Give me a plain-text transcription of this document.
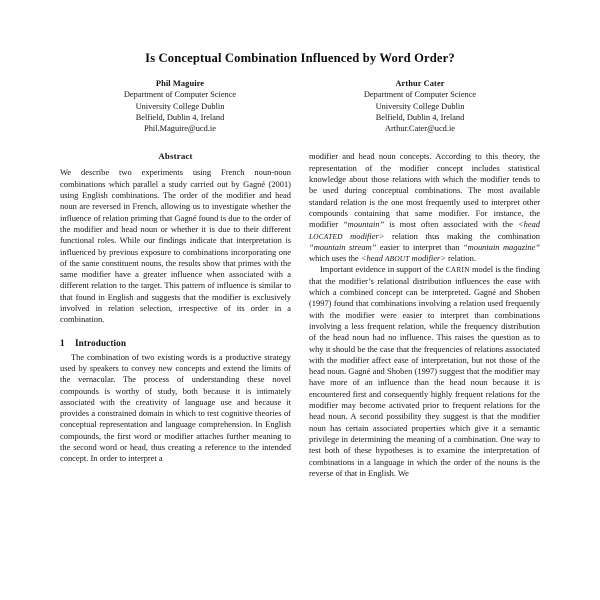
Is Conceptual Combination Influenced by Word Order?
Phil Maguire
Department of Computer Science
University College Dublin
Belfield, Dublin 4, Ireland
Phil.Maguire@ucd.ie
Arthur Cater
Department of Computer Science
University College Dublin
Belfield, Dublin 4, Ireland
Arthur.Cater@ucd.ie
Abstract

We describe two experiments using French noun-noun combinations which parallel a study carried out by Gagné (2001) using English combinations. The order of the modifier and head noun are reversed in French, allowing us to investigate whether the influence of relation priming that Gagné found is due to the order of the modifier and head noun or whether it is due to their different functional roles. While our findings indicate that interpretation is influenced by previous exposure to combinations incorporating one of the same constituent nouns, the results show that primes with the same modifier have a greater influence when associated with a different relation to the target. This pattern of influence is similar to that found in English and suggests that the modifier is exclusively involved in relation selection, irrespective of its order in a combination.

1 Introduction

The combination of two existing words is a productive strategy used by speakers to convey new concepts and extend the limits of the vernacular. The process of understanding these novel compounds is worthy of study, both because it is intimately associated with the creativity of language use and because it provides a constrained domain in which to test cognitive theories of conceptual representation and language comprehension. In English compounds, the first word or modifier attaches further meaning to the second word or head, thus creating a reference to the intended concept. In order to interpret a

modifier and head noun concepts. According to this theory, the representation of the modifier concept includes statistical knowledge about those relations with which the modifier tends to be used during conceptual combinations. The most available standard relation is the one most frequently used to interpret other compounds containing that same modifier. For instance, the modifier “mountain” is most often associated with the <head LOCATED modifier> relation thus making the combination “mountain stream” easier to interpret than “mountain magazine” which uses the <head ABOUT modifier> relation.

Important evidence in support of the CARIN model is the finding that the modifier’s relational distribution influences the ease with which a combined concept can be interpreted. Gagné and Shoben (1997) found that combinations involving a relation used frequently with the modifier were easier to interpret than combinations involving a less frequent relation, while the frequency distribution of the head noun had no influence. This raises the question as to why it should be the case that the frequencies of relations associated with the modifier affect ease of interpretation, but not those of the head noun. Gagné and Shoben (1997) suggest that the modifier may have more of an influence than the head noun because it is encountered first and consequently highly frequent relations for the modifier may become activated prior to frequent relations for the head noun. A second possibility they suggest is that the modifier noun has certain associated properties which give it a semantic privilege in determining the meaning of a combination. One way to test both of these hypotheses is to examine the interpretation of combinations in a language in which the order of the nouns is the reverse of that in English. We
